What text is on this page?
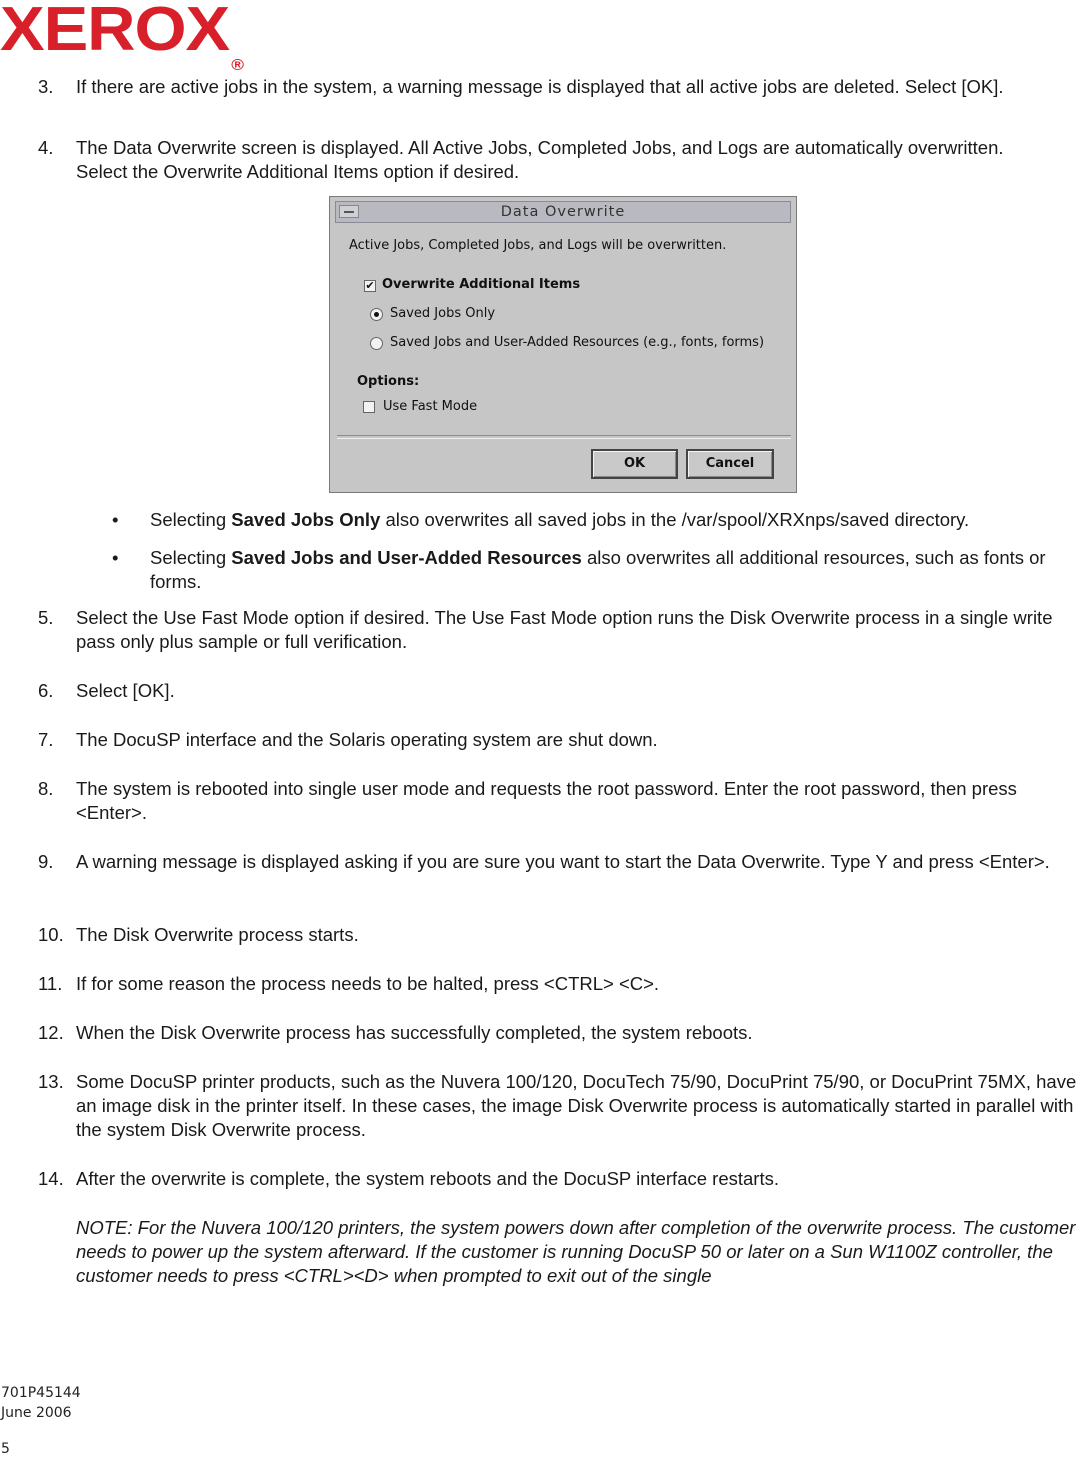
XEROX®
3. If there are active jobs in the system, a warning message is displayed that all active jobs are deleted. Select [OK].
4. The Data Overwrite screen is displayed. All Active Jobs, Completed Jobs, and Logs are automatically overwritten. Select the Overwrite Additional Items option if desired.
Data Overwrite
Active Jobs, Completed Jobs, and Logs will be overwritten.
✔ Overwrite Additional Items
Saved Jobs Only
Saved Jobs and User-Added Resources (e.g., fonts, forms)
Options:
Use Fast Mode
OK	Cancel
• Selecting Saved Jobs Only also overwrites all saved jobs in the /var/spool/XRXnps/saved directory.
• Selecting Saved Jobs and User-Added Resources also overwrites all additional resources, such as fonts or forms.
5. Select the Use Fast Mode option if desired. The Use Fast Mode option runs the Disk Overwrite process in a single write pass only plus sample or full verification.
6. Select [OK].
7. The DocuSP interface and the Solaris operating system are shut down.
8. The system is rebooted into single user mode and requests the root password. Enter the root password, then press <Enter>.
9. A warning message is displayed asking if you are sure you want to start the Data Overwrite. Type Y and press <Enter>.
10. The Disk Overwrite process starts.
11. If for some reason the process needs to be halted, press <CTRL> <C>.
12. When the Disk Overwrite process has successfully completed, the system reboots.
13. Some DocuSP printer products, such as the Nuvera 100/120, DocuTech 75/90, DocuPrint 75/90, or DocuPrint 75MX, have an image disk in the printer itself. In these cases, the image Disk Overwrite process is automatically started in parallel with the system Disk Overwrite process.
14. After the overwrite is complete, the system reboots and the DocuSP interface restarts.
NOTE: For the Nuvera 100/120 printers, the system powers down after completion of the overwrite process. The customer needs to power up the system afterward. If the customer is running DocuSP 50 or later on a Sun W1100Z controller, the customer needs to press <CTRL><D> when prompted to exit out of the single
701P45144
June 2006
5
